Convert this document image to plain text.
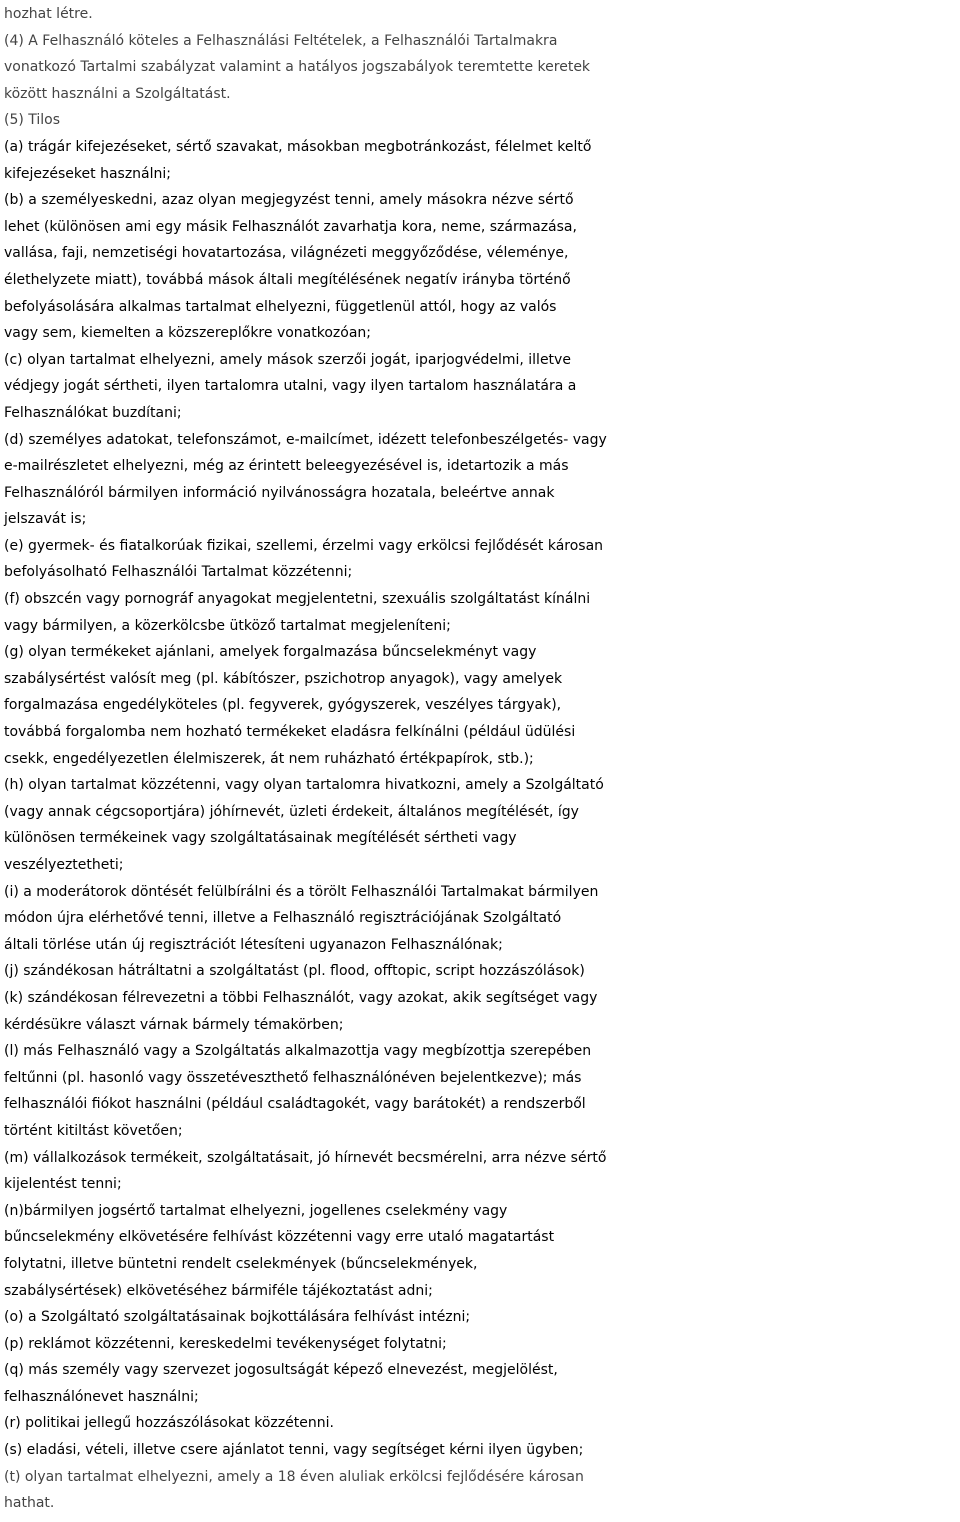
hozhat létre.
(4) A Felhasználó köteles a Felhasználási Feltételek, a Felhasználói Tartalmakra
vonatkozó Tartalmi szabályzat valamint a hatályos jogszabályok teremtette keretek
között használni a Szolgáltatást.
(5) Tilos
(a) trágár kifejezéseket, sértő szavakat, másokban megbotránkozást, félelmet keltő
kifejezéseket használni;
(b) a személyeskedni, azaz olyan megjegyzést tenni, amely másokra nézve sértő
lehet (különösen ami egy másik Felhasználót zavarhatja kora, neme, származása,
vallása, faji, nemzetiségi hovatartozása, világnézeti meggyőződése, véleménye,
élethelyzete miatt), továbbá mások általi megítélésének negatív irányba történő
befolyásolására alkalmas tartalmat elhelyezni, függetlenül attól, hogy az valós
vagy sem, kiemelten a közszereplőkre vonatkozóan;
(c) olyan tartalmat elhelyezni, amely mások szerzői jogát, iparjogvédelmi, illetve
védjegy jogát sértheti, ilyen tartalomra utalni, vagy ilyen tartalom használatára a
Felhasználókat buzdítani;
(d) személyes adatokat, telefonszámot, e-mailcímet, idézett telefonbeszélgetés- vagy
e-mailrészletet elhelyezni, még az érintett beleegyezésével is, idetartozik a más
Felhasználóról bármilyen információ nyilvánosságra hozatala, beleértve annak
jelszavát is;
(e) gyermek- és fiatalkorúak fizikai, szellemi, érzelmi vagy erkölcsi fejlődését károsan
befolyásolható Felhasználói Tartalmat közzétenni;
(f) obszcén vagy pornográf anyagokat megjelentetni, szexuális szolgáltatást kínálni
vagy bármilyen, a közerkölcsbe ütköző tartalmat megjeleníteni;
(g) olyan termékeket ajánlani, amelyek forgalmazása bűncselekményt vagy
szabálysértést valósít meg (pl. kábítószer, pszichotrop anyagok), vagy amelyek
forgalmazása engedélyköteles (pl. fegyverek, gyógyszerek, veszélyes tárgyak),
továbbá forgalomba nem hozható termékeket eladásra felkínálni (például üdülési
csekk, engedélyezetlen élelmiszerek, át nem ruházható értékpapírok, stb.);
(h) olyan tartalmat közzétenni, vagy olyan tartalomra hivatkozni, amely a Szolgáltató
(vagy annak cégcsoportjára) jóhírnevét, üzleti érdekeit, általános megítélését, így
különösen termékeinek vagy szolgáltatásainak megítélését sértheti vagy
veszélyeztetheti;
(i) a moderátorok döntését felülbírálni és a törölt Felhasználói Tartalmakat bármilyen
módon újra elérhetővé tenni, illetve a Felhasználó regisztrációjának Szolgáltató
általi törlése után új regisztrációt létesíteni ugyanazon Felhasználónak;
(j) szándékosan hátráltatni a szolgáltatást (pl. flood, offtopic, script hozzászólások)
(k) szándékosan félrevezetni a többi Felhasználót, vagy azokat, akik segítséget vagy
kérdésükre választ várnak bármely témakörben;
(l) más Felhasználó vagy a Szolgáltatás alkalmazottja vagy megbízottja szerepében
feltűnni (pl. hasonló vagy összetéveszthető felhasználónéven bejelentkezve); más
felhasználói fiókot használni (például családtagokét, vagy barátokét) a rendszerből
történt kitiltást követően;
(m) vállalkozások termékeit, szolgáltatásait, jó hírnevét becsmérelni, arra nézve sértő
kijelentést tenni;
(n)bármilyen jogsértő tartalmat elhelyezni, jogellenes cselekmény vagy
bűncselekmény elkövetésére felhívást közzétenni vagy erre utaló magatartást
folytatni, illetve büntetni rendelt cselekmények (bűncselekmények,
szabálysértések) elkövetéséhez bármiféle tájékoztatást adni;
(o) a Szolgáltató szolgáltatásainak bojkottálására felhívást intézni;
(p) reklámot közzétenni, kereskedelmi tevékenységet folytatni;
(q) más személy vagy szervezet jogosultságát képező elnevezést, megjelölést,
felhasználónevet használni;
(r) politikai jellegű hozzászólásokat közzétenni.
(s) eladási, vételi, illetve csere ajánlatot tenni, vagy segítséget kérni ilyen ügyben;
(t) olyan tartalmat elhelyezni, amely a 18 éven aluliak erkölcsi fejlődésére károsan
hathat.
